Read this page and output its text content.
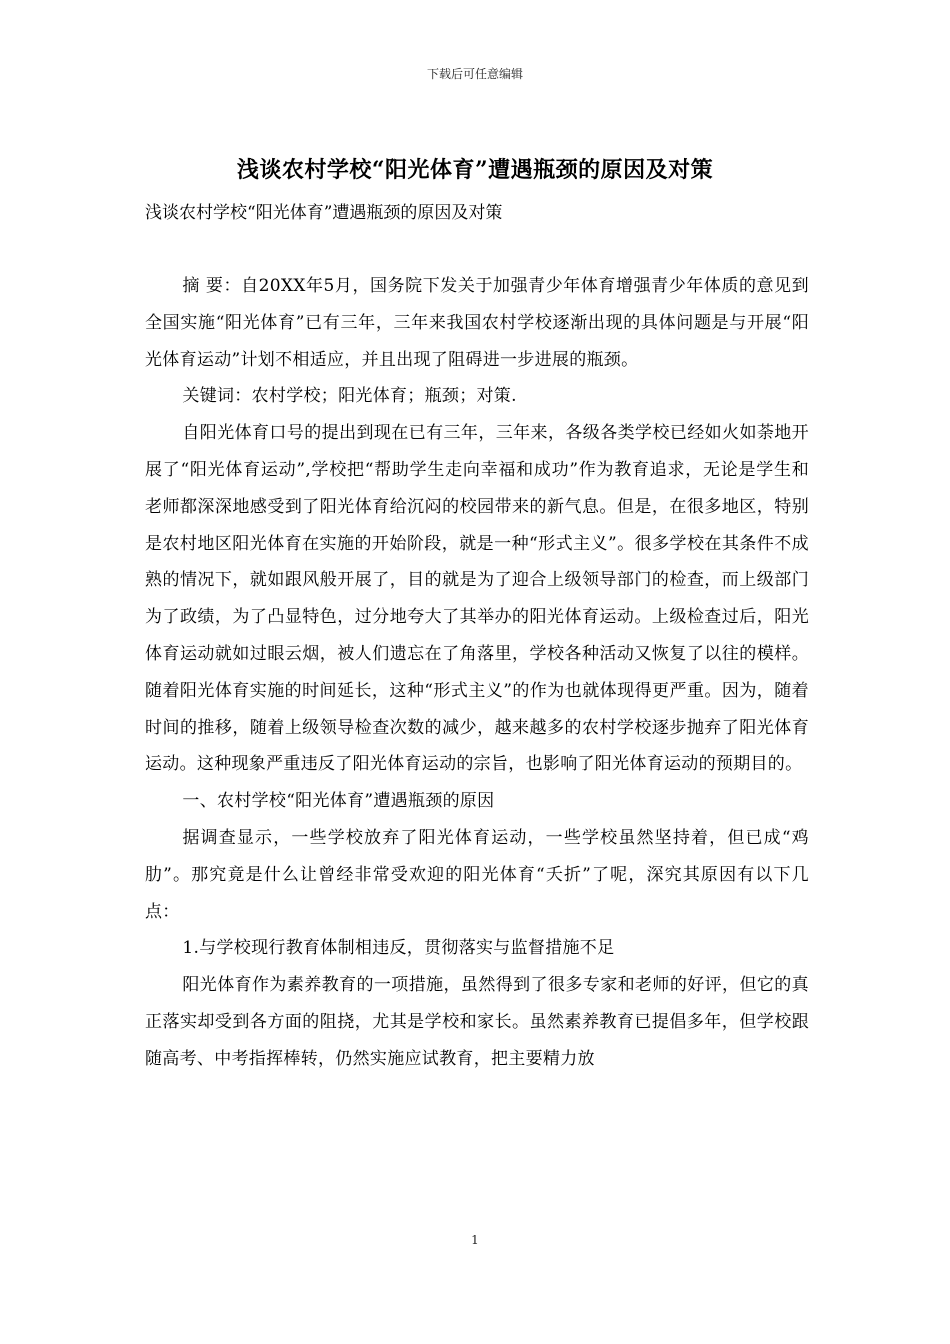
下载后可任意编辑
浅谈农村学校“阳光体育”遭遇瓶颈的原因及对策
浅谈农村学校“阳光体育”遭遇瓶颈的原因及对策

摘 要：自20XX年5月，国务院下发关于加强青少年体育增强青少年体质的意见到全国实施“阳光体育”已有三年，三年来我国农村学校逐渐出现的具体问题是与开展“阳光体育运动”计划不相适应，并且出现了阻碍进一步进展的瓶颈。

关键词：农村学校；阳光体育；瓶颈；对策.

自阳光体育口号的提出到现在已有三年，三年来，各级各类学校已经如火如荼地开展了“阳光体育运动”,学校把“帮助学生走向幸福和成功”作为教育追求，无论是学生和老师都深深地感受到了阳光体育给沉闷的校园带来的新气息。但是，在很多地区，特别是农村地区阳光体育在实施的开始阶段，就是一种“形式主义”。很多学校在其条件不成熟的情况下，就如跟风般开展了，目的就是为了迎合上级领导部门的检查，而上级部门为了政绩，为了凸显特色，过分地夸大了其举办的阳光体育运动。上级检查过后，阳光体育运动就如过眼云烟，被人们遗忘在了角落里，学校各种活动又恢复了以往的模样。随着阳光体育实施的时间延长，这种“形式主义”的作为也就体现得更严重。因为，随着时间的推移，随着上级领导检查次数的减少，越来越多的农村学校逐步抛弃了阳光体育运动。这种现象严重违反了阳光体育运动的宗旨，也影响了阳光体育运动的预期目的。

一、农村学校“阳光体育”遭遇瓶颈的原因

据调查显示，一些学校放弃了阳光体育运动，一些学校虽然坚持着，但已成“鸡肋”。那究竟是什么让曾经非常受欢迎的阳光体育“夭折”了呢，深究其原因有以下几点：

1.与学校现行教育体制相违反，贯彻落实与监督措施不足

阳光体育作为素养教育的一项措施，虽然得到了很多专家和老师的好评，但它的真正落实却受到各方面的阻挠，尤其是学校和家长。虽然素养教育已提倡多年，但学校跟随高考、中考指挥棒转，仍然实施应试教育，把主要精力放

1
